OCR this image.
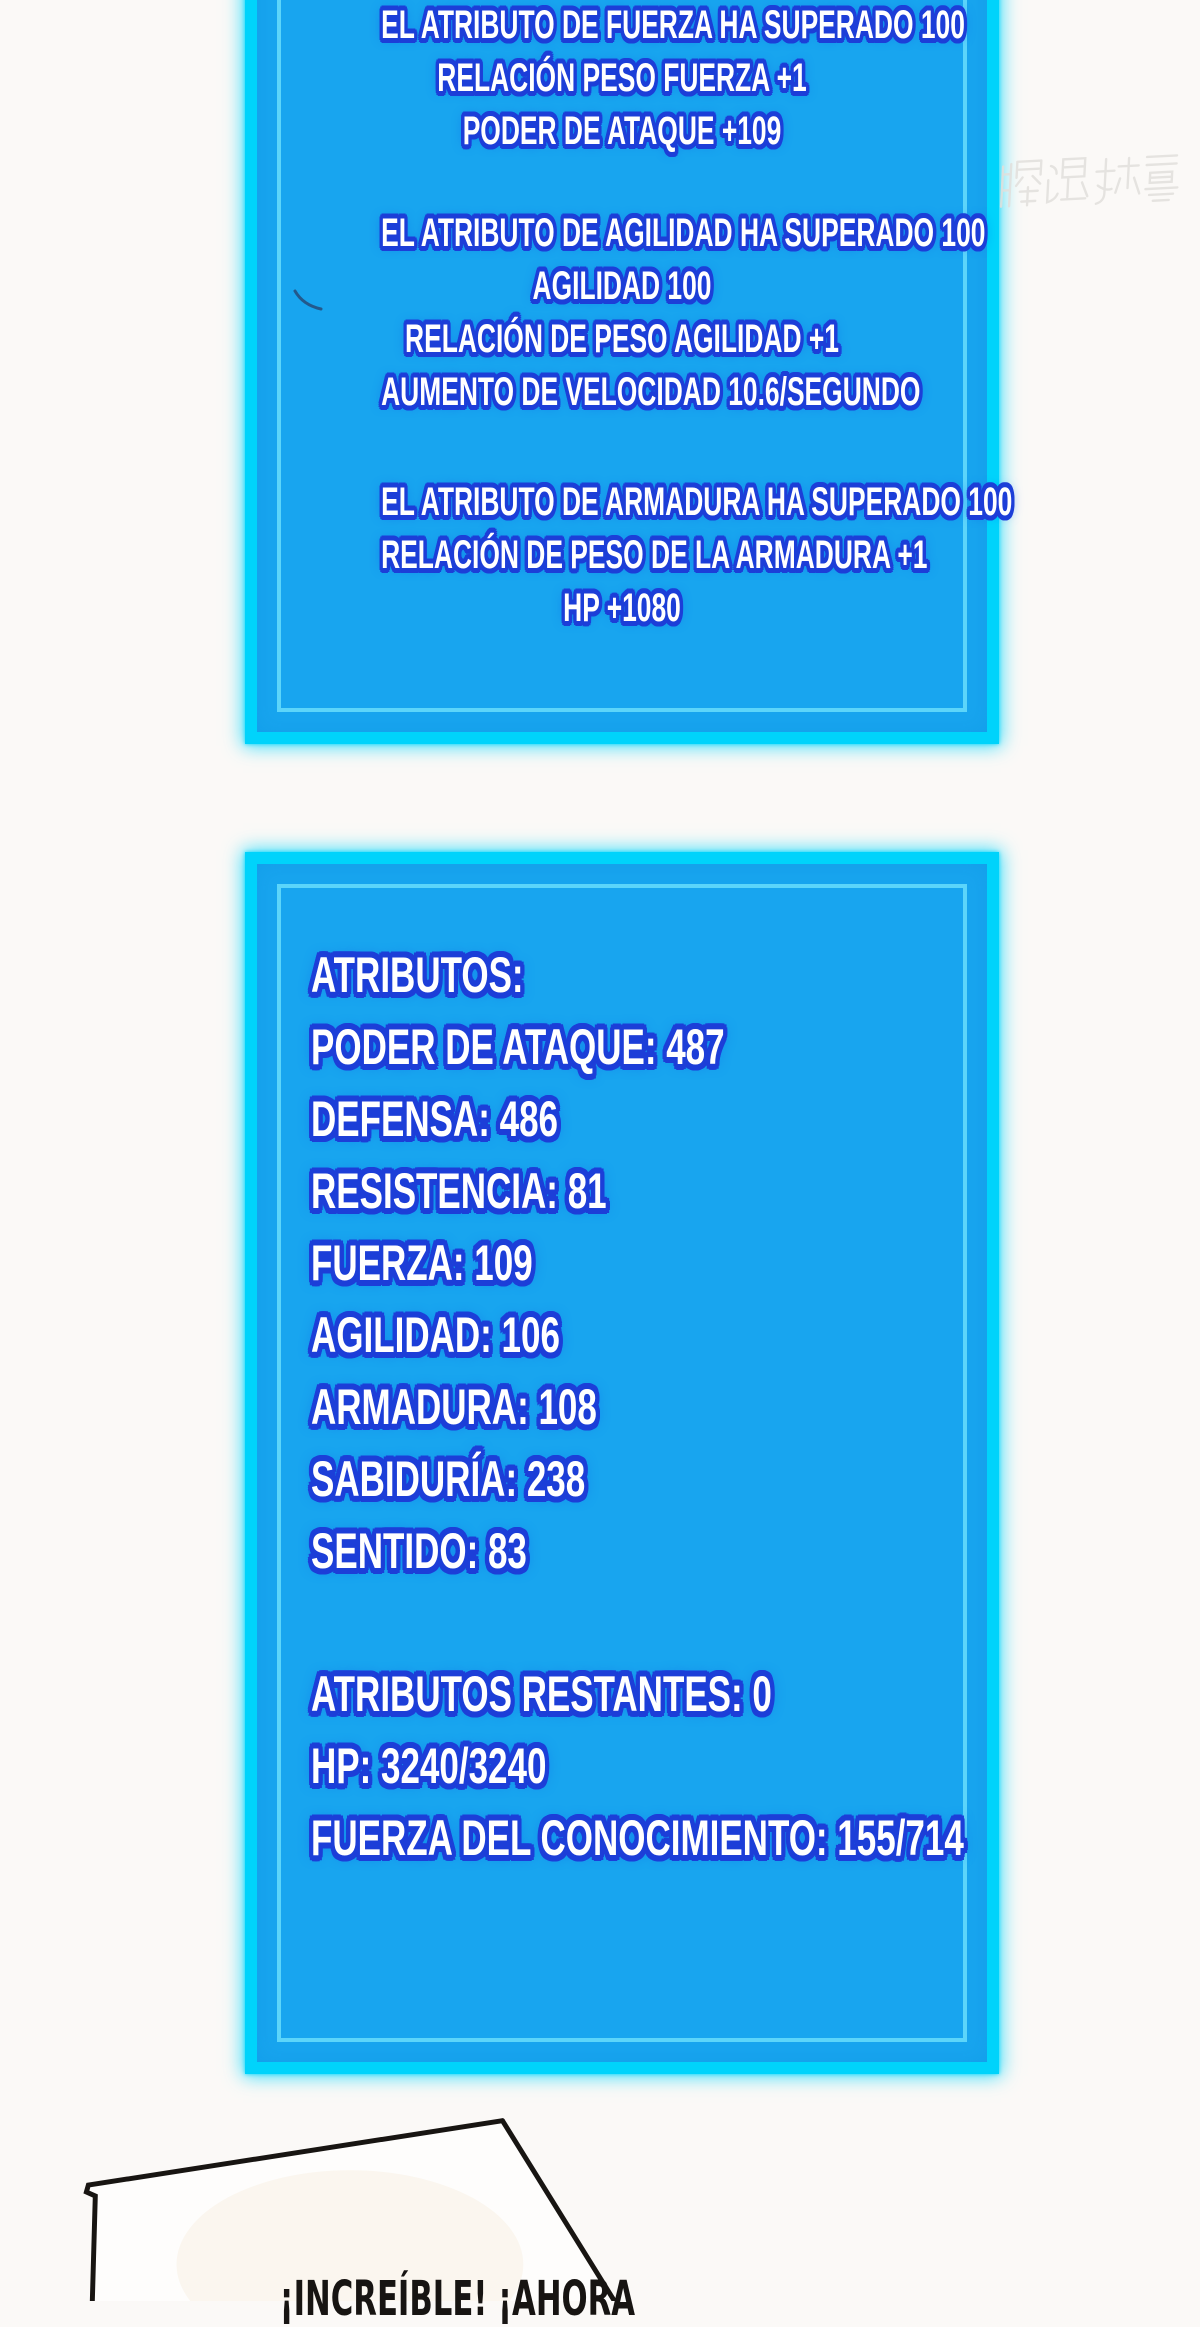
EL ATRIBUTO DE FUERZA HA SUPERADO 100
RELACIÓN PESO FUERZA +1
PODER DE ATAQUE +109
EL ATRIBUTO DE AGILIDAD HA SUPERADO 100
AGILIDAD 100
RELACIÓN DE PESO AGILIDAD +1
AUMENTO DE VELOCIDAD 10.6/SEGUNDO
EL ATRIBUTO DE ARMADURA HA SUPERADO 100
RELACIÓN DE PESO DE LA ARMADURA +1
HP +1080
ATRIBUTOS:
PODER DE ATAQUE: 487
DEFENSA: 486
RESISTENCIA: 81
FUERZA: 109
AGILIDAD: 106
ARMADURA: 108
SABIDURÍA: 238
SENTIDO: 83
ATRIBUTOS RESTANTES: 0
HP: 3240/3240
FUERZA DEL CONOCIMIENTO: 155/714
¡INCREÍBLE! ¡AHORA
